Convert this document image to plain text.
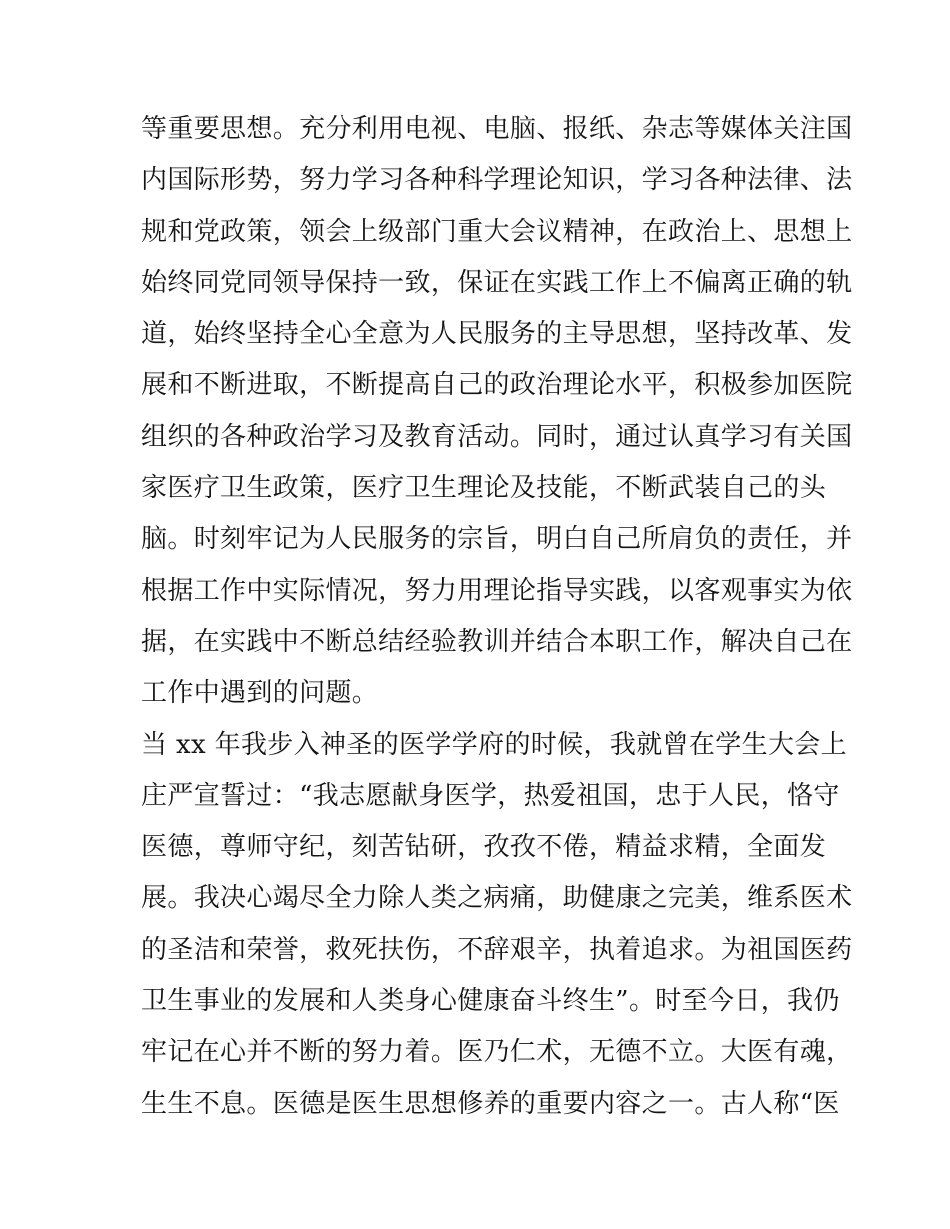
等重要思想。充分利用电视、电脑、报纸、杂志等媒体关注国
内国际形势，努力学习各种科学理论知识，学习各种法律、法
规和党政策，领会上级部门重大会议精神，在政治上、思想上
始终同党同领导保持一致，保证在实践工作上不偏离正确的轨
道，始终坚持全心全意为人民服务的主导思想，坚持改革、发
展和不断进取，不断提高自己的政治理论水平，积极参加医院
组织的各种政治学习及教育活动。同时，通过认真学习有关国
家医疗卫生政策，医疗卫生理论及技能，不断武装自己的头
脑。时刻牢记为人民服务的宗旨，明白自己所肩负的责任，并
根据工作中实际情况，努力用理论指导实践，以客观事实为依
据，在实践中不断总结经验教训并结合本职工作，解决自己在
工作中遇到的问题。
当 xx 年我步入神圣的医学学府的时候，我就曾在学生大会上
庄严宣誓过：“我志愿献身医学，热爱祖国，忠于人民，恪守
医德，尊师守纪，刻苦钻研，孜孜不倦，精益求精，全面发
展。我决心竭尽全力除人类之病痛，助健康之完美，维系医术
的圣洁和荣誉，救死扶伤，不辞艰辛，执着追求。为祖国医药
卫生事业的发展和人类身心健康奋斗终生”。时至今日，我仍
牢记在心并不断的努力着。医乃仁术，无德不立。大医有魂，
生生不息。医德是医生思想修养的重要内容之一。古人称“医
